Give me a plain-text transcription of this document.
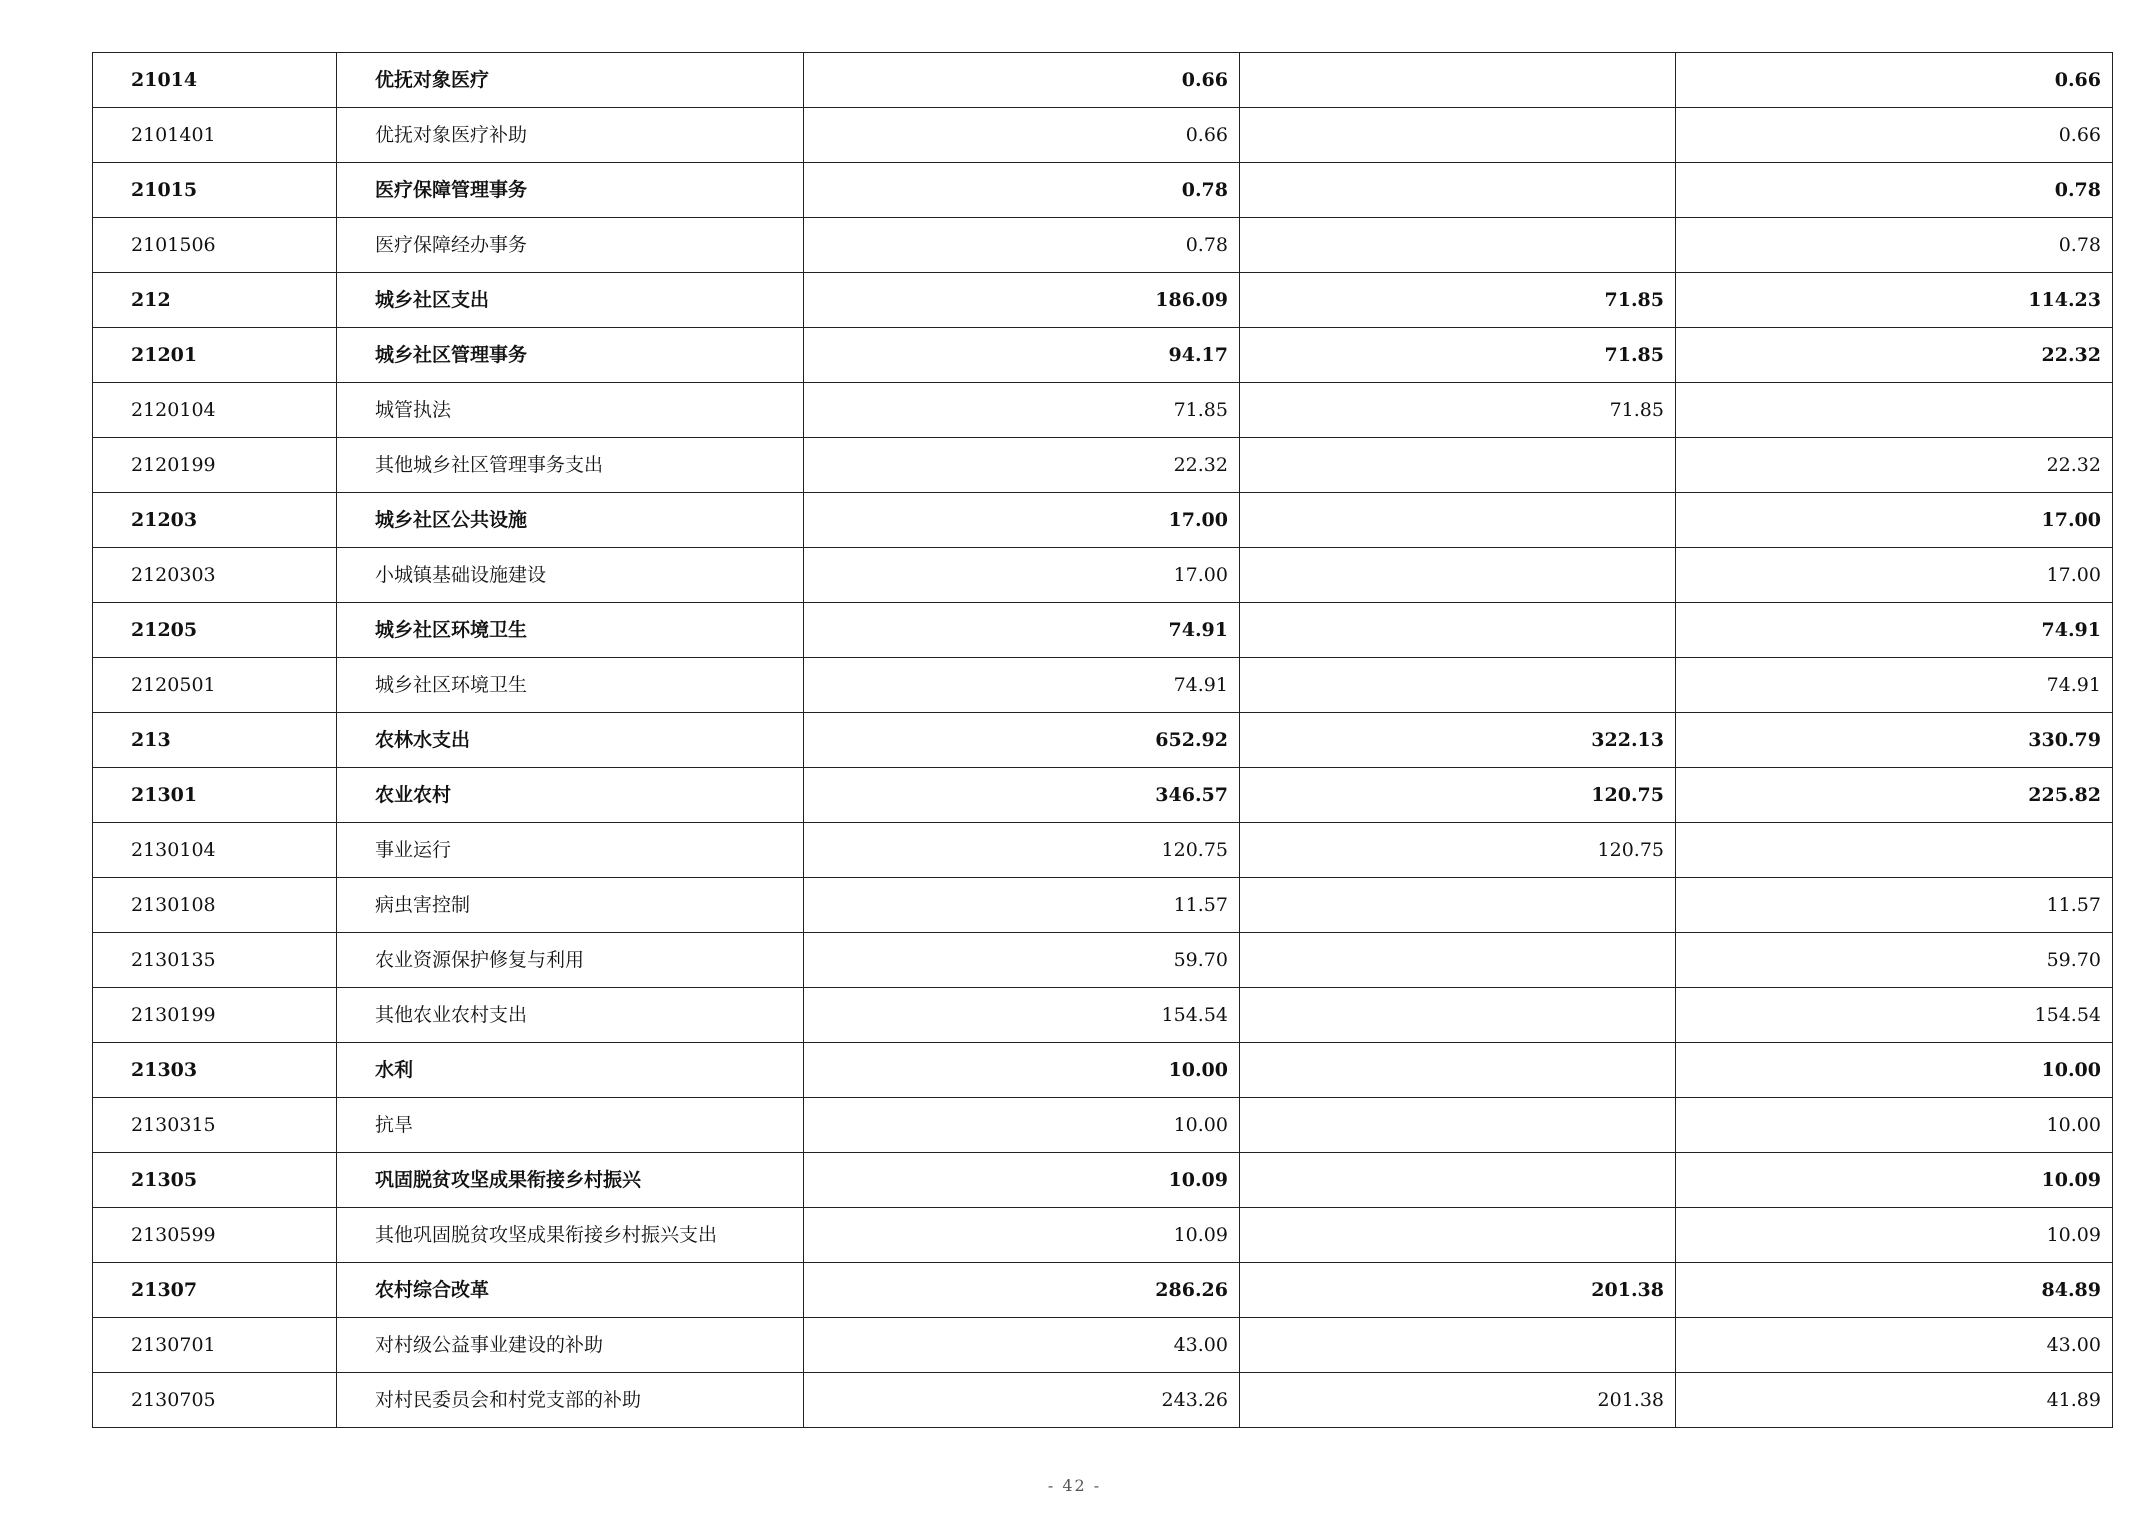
21014	优抚对象医疗	0.66		0.66
2101401	优抚对象医疗补助	0.66		0.66
21015	医疗保障管理事务	0.78		0.78
2101506	医疗保障经办事务	0.78		0.78
212	城乡社区支出	186.09	71.85	114.23
21201	城乡社区管理事务	94.17	71.85	22.32
2120104	城管执法	71.85	71.85	
2120199	其他城乡社区管理事务支出	22.32		22.32
21203	城乡社区公共设施	17.00		17.00
2120303	小城镇基础设施建设	17.00		17.00
21205	城乡社区环境卫生	74.91		74.91
2120501	城乡社区环境卫生	74.91		74.91
213	农林水支出	652.92	322.13	330.79
21301	农业农村	346.57	120.75	225.82
2130104	事业运行	120.75	120.75	
2130108	病虫害控制	11.57		11.57
2130135	农业资源保护修复与利用	59.70		59.70
2130199	其他农业农村支出	154.54		154.54
21303	水利	10.00		10.00
2130315	抗旱	10.00		10.00
21305	巩固脱贫攻坚成果衔接乡村振兴	10.09		10.09
2130599	其他巩固脱贫攻坚成果衔接乡村振兴支出	10.09		10.09
21307	农村综合改革	286.26	201.38	84.89
2130701	对村级公益事业建设的补助	43.00		43.00
2130705	对村民委员会和村党支部的补助	243.26	201.38	41.89
- 42 -
